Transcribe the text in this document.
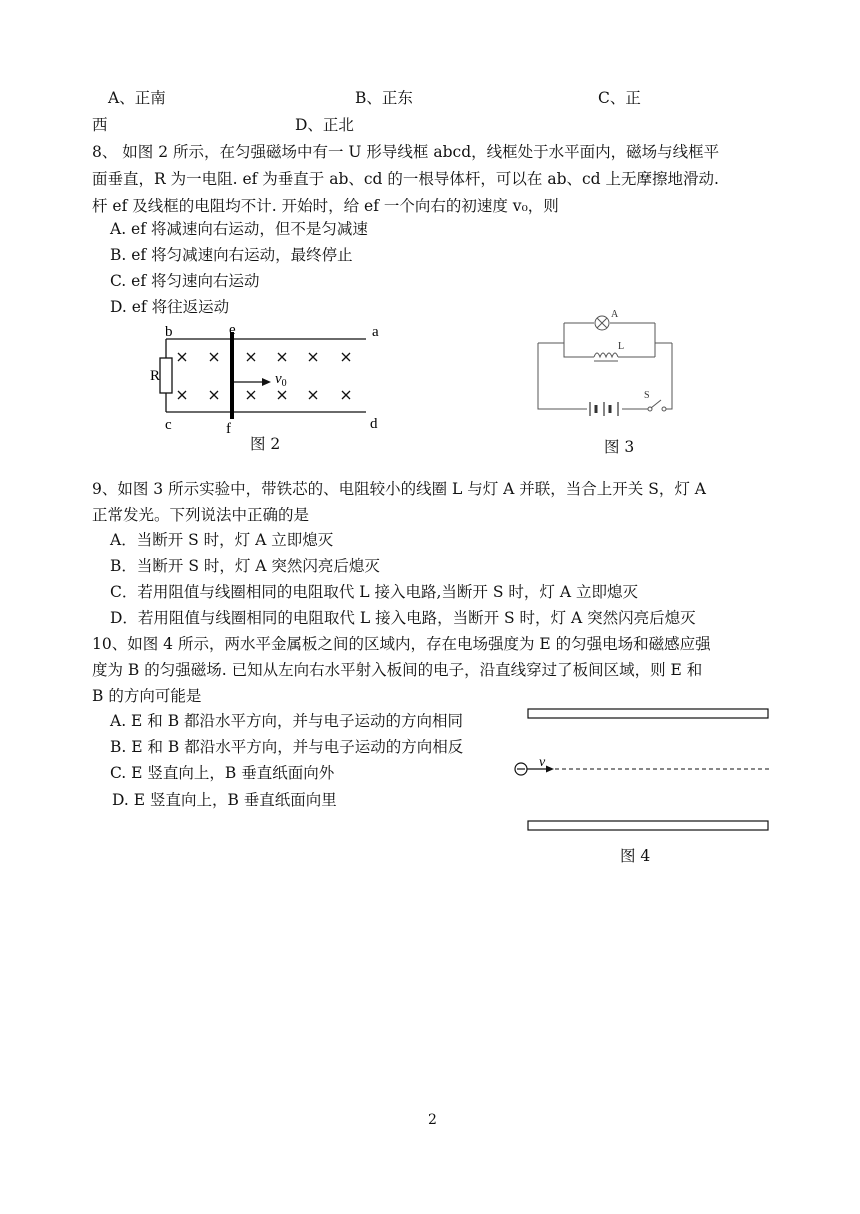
A、正南	B、正东	C、正
西	D、正北
8、 如图 2 所示，在匀强磁场中有一 U 形导线框 abcd，线框处于水平面内，磁场与线框平
面垂直，R 为一电阻. ef 为垂直于 ab、cd 的一根导体杆，可以在 ab、cd 上无摩擦地滑动.
杆 ef 及线框的电阻均不计. 开始时，给 ef 一个向右的初速度 v₀，则
A. ef 将减速向右运动，但不是匀减速
B. ef 将匀减速向右运动，最终停止
C. ef 将匀速向右运动
D. ef 将往返运动
b	e	a
c	f	d
R	$v_0$
图 2
A
L
S
图 3
9、如图 3 所示实验中，带铁芯的、电阻较小的线圈 L 与灯 A 并联，当合上开关 S，灯 A
正常发光。下列说法中正确的是
A．当断开 S 时，灯 A 立即熄灭
B．当断开 S 时，灯 A 突然闪亮后熄灭
C．若用阻值与线圈相同的电阻取代 L 接入电路,当断开 S 时，灯 A 立即熄灭
D．若用阻值与线圈相同的电阻取代 L 接入电路，当断开 S 时，灯 A 突然闪亮后熄灭
10、如图 4 所示，两水平金属板之间的区域内，存在电场强度为 E 的匀强电场和磁感应强
度为 B 的匀强磁场. 已知从左向右水平射入板间的电子，沿直线穿过了板间区域，则 E 和
B 的方向可能是
A. E 和 B 都沿水平方向，并与电子运动的方向相同
B. E 和 B 都沿水平方向，并与电子运动的方向相反
C. E 竖直向上，B 垂直纸面向外
D. E 竖直向上，B 垂直纸面向里
v
图 4
2
